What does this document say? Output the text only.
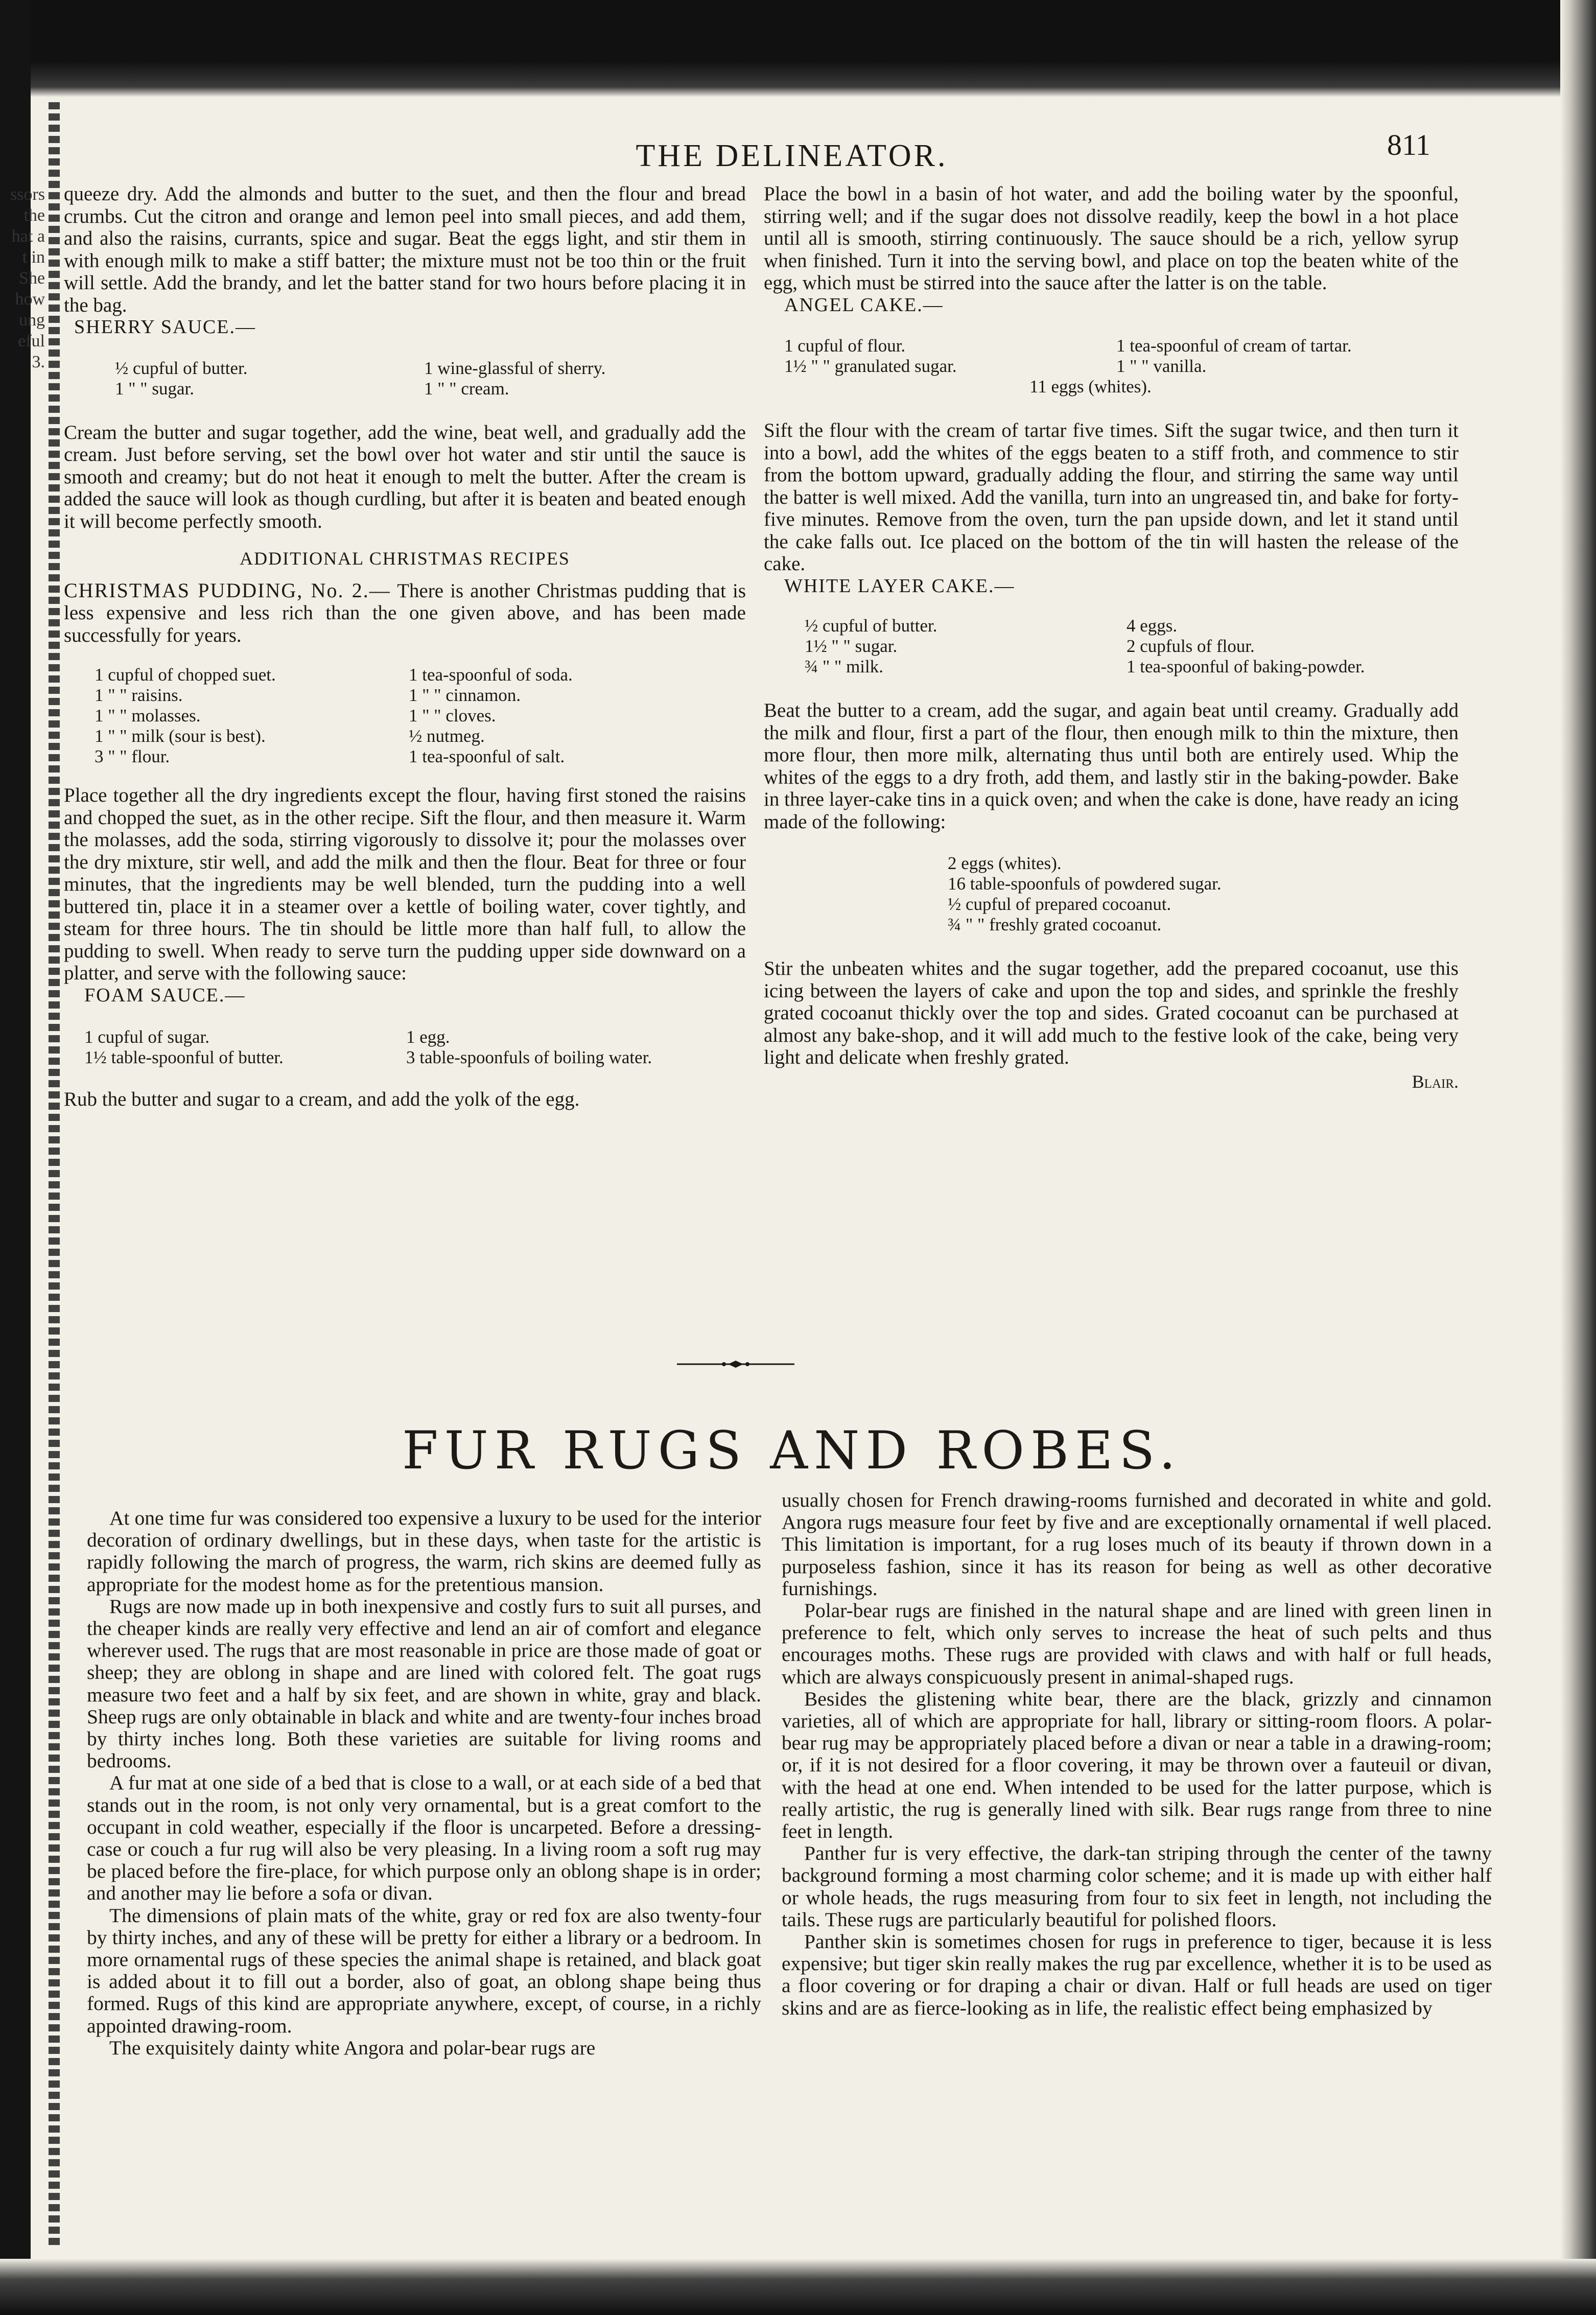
ssors
the
hat a
t in
She
how
ung
eful
3.
THE DELINEATOR.	811

queeze dry. Add the almonds and butter to the suet, and then the flour and bread crumbs. Cut the citron and orange and lemon peel into small pieces, and add them, and also the raisins, currants, spice and sugar. Beat the eggs light, and stir them in with enough milk to make a stiff batter; the mixture must not be too thin or the fruit will settle. Add the brandy, and let the batter stand for two hours before placing it in the bag.

SHERRY SAUCE.—

½ cupful of butter.	1 wine-glassful of sherry.
1 " " sugar.	1 " " cream.

Cream the butter and sugar together, add the wine, beat well, and gradually add the cream. Just before serving, set the bowl over hot water and stir until the sauce is smooth and creamy; but do not heat it enough to melt the butter. After the cream is added the sauce will look as though curdling, but after it is beaten and beated enough it will become perfectly smooth.

ADDITIONAL CHRISTMAS RECIPES

CHRISTMAS PUDDING, No. 2.— There is another Christmas pudding that is less expensive and less rich than the one given above, and has been made successfully for years.

1 cupful of chopped suet.	1 tea-spoonful of soda.
1 " " raisins.	1 " " cinnamon.
1 " " molasses.	1 " " cloves.
1 " " milk (sour is best).	½ nutmeg.
3 " " flour.	1 tea-spoonful of salt.

Place together all the dry ingredients except the flour, having first stoned the raisins and chopped the suet, as in the other recipe. Sift the flour, and then measure it. Warm the molasses, add the soda, stirring vigorously to dissolve it; pour the molasses over the dry mixture, stir well, and add the milk and then the flour. Beat for three or four minutes, that the ingredients may be well blended, turn the pudding into a well buttered tin, place it in a steamer over a kettle of boiling water, cover tightly, and steam for three hours. The tin should be little more than half full, to allow the pudding to swell. When ready to serve turn the pudding upper side downward on a platter, and serve with the following sauce:

FOAM SAUCE.—

1 cupful of sugar.	1 egg.
1½ table-spoonful of butter.	3 table-spoonfuls of boiling water.

Rub the butter and sugar to a cream, and add the yolk of the egg.

Place the bowl in a basin of hot water, and add the boiling water by the spoonful, stirring well; and if the sugar does not dissolve readily, keep the bowl in a hot place until all is smooth, stirring continuously. The sauce should be a rich, yellow syrup when finished. Turn it into the serving bowl, and place on top the beaten white of the egg, which must be stirred into the sauce after the latter is on the table.

ANGEL CAKE.—

1 cupful of flour.	1 tea-spoonful of cream of tartar.
1½ " " granulated sugar.	1 " " vanilla.
11 eggs (whites).

Sift the flour with the cream of tartar five times. Sift the sugar twice, and then turn it into a bowl, add the whites of the eggs beaten to a stiff froth, and commence to stir from the bottom upward, gradually adding the flour, and stirring the same way until the batter is well mixed. Add the vanilla, turn into an ungreased tin, and bake for forty-five minutes. Remove from the oven, turn the pan upside down, and let it stand until the cake falls out. Ice placed on the bottom of the tin will hasten the release of the cake.

WHITE LAYER CAKE.—

½ cupful of butter.	4 eggs.
1½ " " sugar.	2 cupfuls of flour.
¾ " " milk.	1 tea-spoonful of baking-powder.

Beat the butter to a cream, add the sugar, and again beat until creamy. Gradually add the milk and flour, first a part of the flour, then enough milk to thin the mixture, then more flour, then more milk, alternating thus until both are entirely used. Whip the whites of the eggs to a dry froth, add them, and lastly stir in the baking-powder. Bake in three layer-cake tins in a quick oven; and when the cake is done, have ready an icing made of the following:

2 eggs (whites).
16 table-spoonfuls of powdered sugar.
½ cupful of prepared cocoanut.
¾ " " freshly grated cocoanut.

Stir the unbeaten whites and the sugar together, add the prepared cocoanut, use this icing between the layers of cake and upon the top and sides, and sprinkle the freshly grated cocoanut thickly over the top and sides. Grated cocoanut can be purchased at almost any bake-shop, and it will add much to the festive look of the cake, being very light and delicate when freshly grated.

Blair.
FUR RUGS AND ROBES.

At one time fur was considered too expensive a luxury to be used for the interior decoration of ordinary dwellings, but in these days, when taste for the artistic is rapidly following the march of progress, the warm, rich skins are deemed fully as appropriate for the modest home as for the pretentious mansion.

Rugs are now made up in both inexpensive and costly furs to suit all purses, and the cheaper kinds are really very effective and lend an air of comfort and elegance wherever used. The rugs that are most reasonable in price are those made of goat or sheep; they are oblong in shape and are lined with colored felt. The goat rugs measure two feet and a half by six feet, and are shown in white, gray and black. Sheep rugs are only obtainable in black and white and are twenty-four inches broad by thirty inches long. Both these varieties are suitable for living rooms and bedrooms.

A fur mat at one side of a bed that is close to a wall, or at each side of a bed that stands out in the room, is not only very ornamental, but is a great comfort to the occupant in cold weather, especially if the floor is uncarpeted. Before a dressing-case or couch a fur rug will also be very pleasing. In a living room a soft rug may be placed before the fire-place, for which purpose only an oblong shape is in order; and another may lie before a sofa or divan.

The dimensions of plain mats of the white, gray or red fox are also twenty-four by thirty inches, and any of these will be pretty for either a library or a bedroom. In more ornamental rugs of these species the animal shape is retained, and black goat is added about it to fill out a border, also of goat, an oblong shape being thus formed. Rugs of this kind are appropriate anywhere, except, of course, in a richly appointed drawing-room.

The exquisitely dainty white Angora and polar-bear rugs are

usually chosen for French drawing-rooms furnished and decorated in white and gold. Angora rugs measure four feet by five and are exceptionally ornamental if well placed. This limitation is important, for a rug loses much of its beauty if thrown down in a purposeless fashion, since it has its reason for being as well as other decorative furnishings.

Polar-bear rugs are finished in the natural shape and are lined with green linen in preference to felt, which only serves to increase the heat of such pelts and thus encourages moths. These rugs are provided with claws and with half or full heads, which are always conspicuously present in animal-shaped rugs.

Besides the glistening white bear, there are the black, grizzly and cinnamon varieties, all of which are appropriate for hall, library or sitting-room floors. A polar-bear rug may be appropriately placed before a divan or near a table in a drawing-room; or, if it is not desired for a floor covering, it may be thrown over a fauteuil or divan, with the head at one end. When intended to be used for the latter purpose, which is really artistic, the rug is generally lined with silk. Bear rugs range from three to nine feet in length.

Panther fur is very effective, the dark-tan striping through the center of the tawny background forming a most charming color scheme; and it is made up with either half or whole heads, the rugs measuring from four to six feet in length, not including the tails. These rugs are particularly beautiful for polished floors.

Panther skin is sometimes chosen for rugs in preference to tiger, because it is less expensive; but tiger skin really makes the rug par excellence, whether it is to be used as a floor covering or for draping a chair or divan. Half or full heads are used on tiger skins and are as fierce-looking as in life, the realistic effect being emphasized by
